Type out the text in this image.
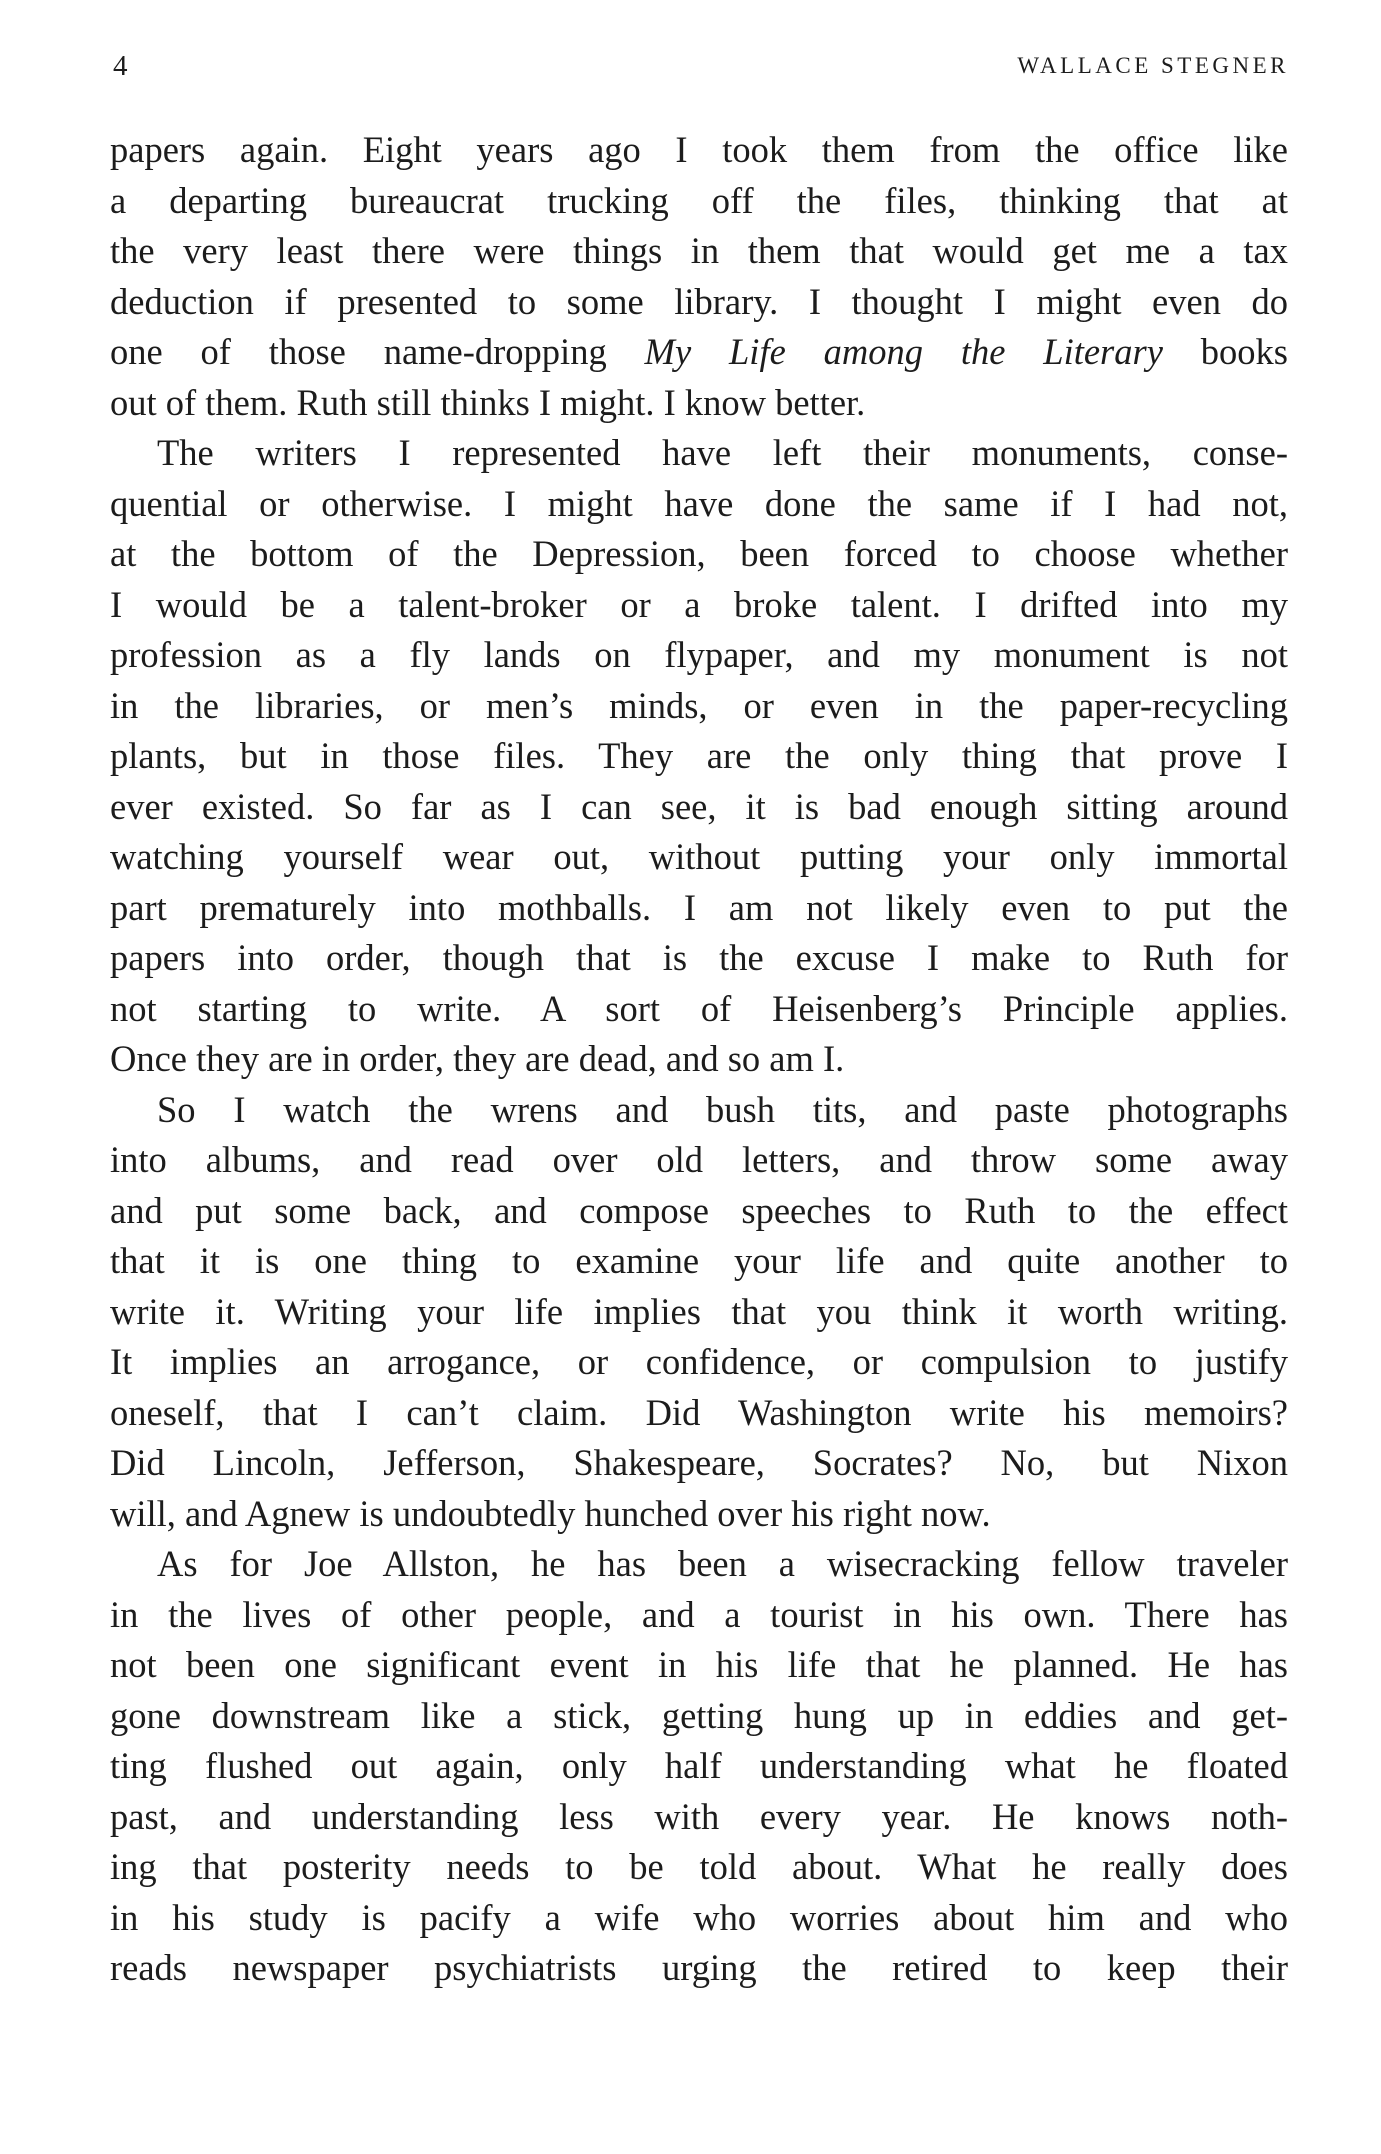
4	WALLACE STEGNER
papers again. Eight years ago I took them from the office like
a departing bureaucrat trucking off the files, thinking that at
the very least there were things in them that would get me a tax
deduction if presented to some library. I thought I might even do
one of those name-dropping My Life among the Literary books
out of them. Ruth still thinks I might. I know better.
The writers I represented have left their monuments, conse-
quential or otherwise. I might have done the same if I had not,
at the bottom of the Depression, been forced to choose whether
I would be a talent-broker or a broke talent. I drifted into my
profession as a fly lands on flypaper, and my monument is not
in the libraries, or men’s minds, or even in the paper-recycling
plants, but in those files. They are the only thing that prove I
ever existed. So far as I can see, it is bad enough sitting around
watching yourself wear out, without putting your only immortal
part prematurely into mothballs. I am not likely even to put the
papers into order, though that is the excuse I make to Ruth for
not starting to write. A sort of Heisenberg’s Principle applies.
Once they are in order, they are dead, and so am I.
So I watch the wrens and bush tits, and paste photographs
into albums, and read over old letters, and throw some away
and put some back, and compose speeches to Ruth to the effect
that it is one thing to examine your life and quite another to
write it. Writing your life implies that you think it worth writing.
It implies an arrogance, or confidence, or compulsion to justify
oneself, that I can’t claim. Did Washington write his memoirs?
Did Lincoln, Jefferson, Shakespeare, Socrates? No, but Nixon
will, and Agnew is undoubtedly hunched over his right now.
As for Joe Allston, he has been a wisecracking fellow traveler
in the lives of other people, and a tourist in his own. There has
not been one significant event in his life that he planned. He has
gone downstream like a stick, getting hung up in eddies and get-
ting flushed out again, only half understanding what he floated
past, and understanding less with every year. He knows noth-
ing that posterity needs to be told about. What he really does
in his study is pacify a wife who worries about him and who
reads newspaper psychiatrists urging the retired to keep their
